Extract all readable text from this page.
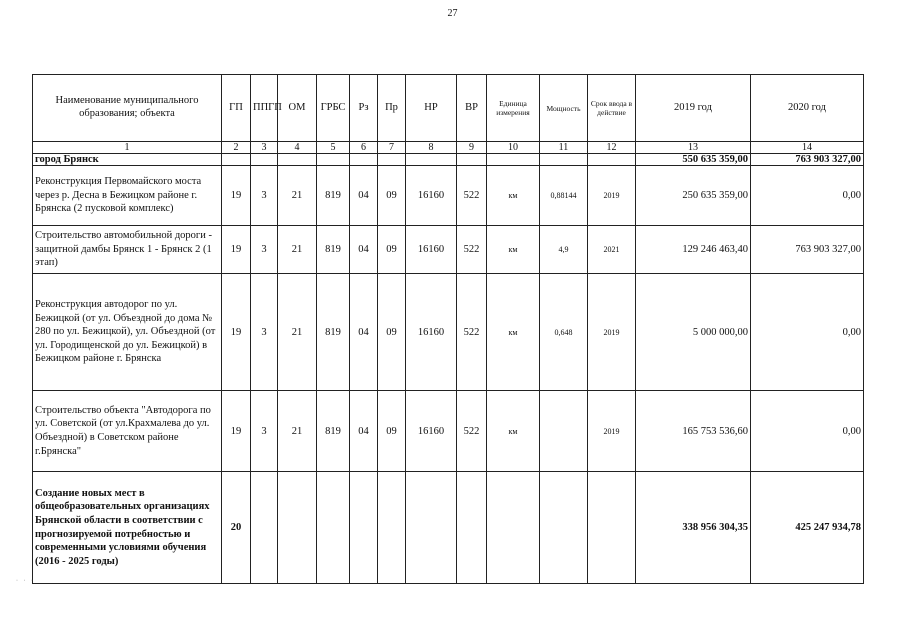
27
Наименование муниципального образования; объекта	ГП	ППГП	ОМ	ГРБС	Рз	Пр	НР	ВР	Единица измерения	Мощность	Срок ввода в действие	2019 год	2020 год
1	2	3	4	5	6	7	8	9	10	11	12	13	14
город Брянск												550 635 359,00	763 903 327,00
Реконструкция Первомайского моста через р. Десна в Бежицком районе г. Брянска (2 пусковой комплекс)	19	3	21	819	04	09	16160	522	км	0,88144	2019	250 635 359,00	0,00
Строительство автомобильной дороги - защитной дамбы Брянск 1 - Брянск 2 (1 этап)	19	3	21	819	04	09	16160	522	км	4,9	2021	129 246 463,40	763 903 327,00
Реконструкция автодорог по ул. Бежицкой (от ул. Объездной до дома № 280 по ул. Бежицкой), ул. Объездной (от ул. Городищенской до ул. Бежицкой) в Бежицком районе г. Брянска	19	3	21	819	04	09	16160	522	км	0,648	2019	5 000 000,00	0,00
Строительство объекта "Автодорога по ул. Советской (от ул.Крахмалева до ул. Объездной) в Советском районе г.Брянска"	19	3	21	819	04	09	16160	522	км		2019	165 753 536,60	0,00
Создание новых мест в общеобразовательных организациях Брянской области в соответствии с прогнозируемой потребностью и современными условиями обучения (2016 - 2025 годы)	20											338 956 304,35	425 247 934,78
· · ·
